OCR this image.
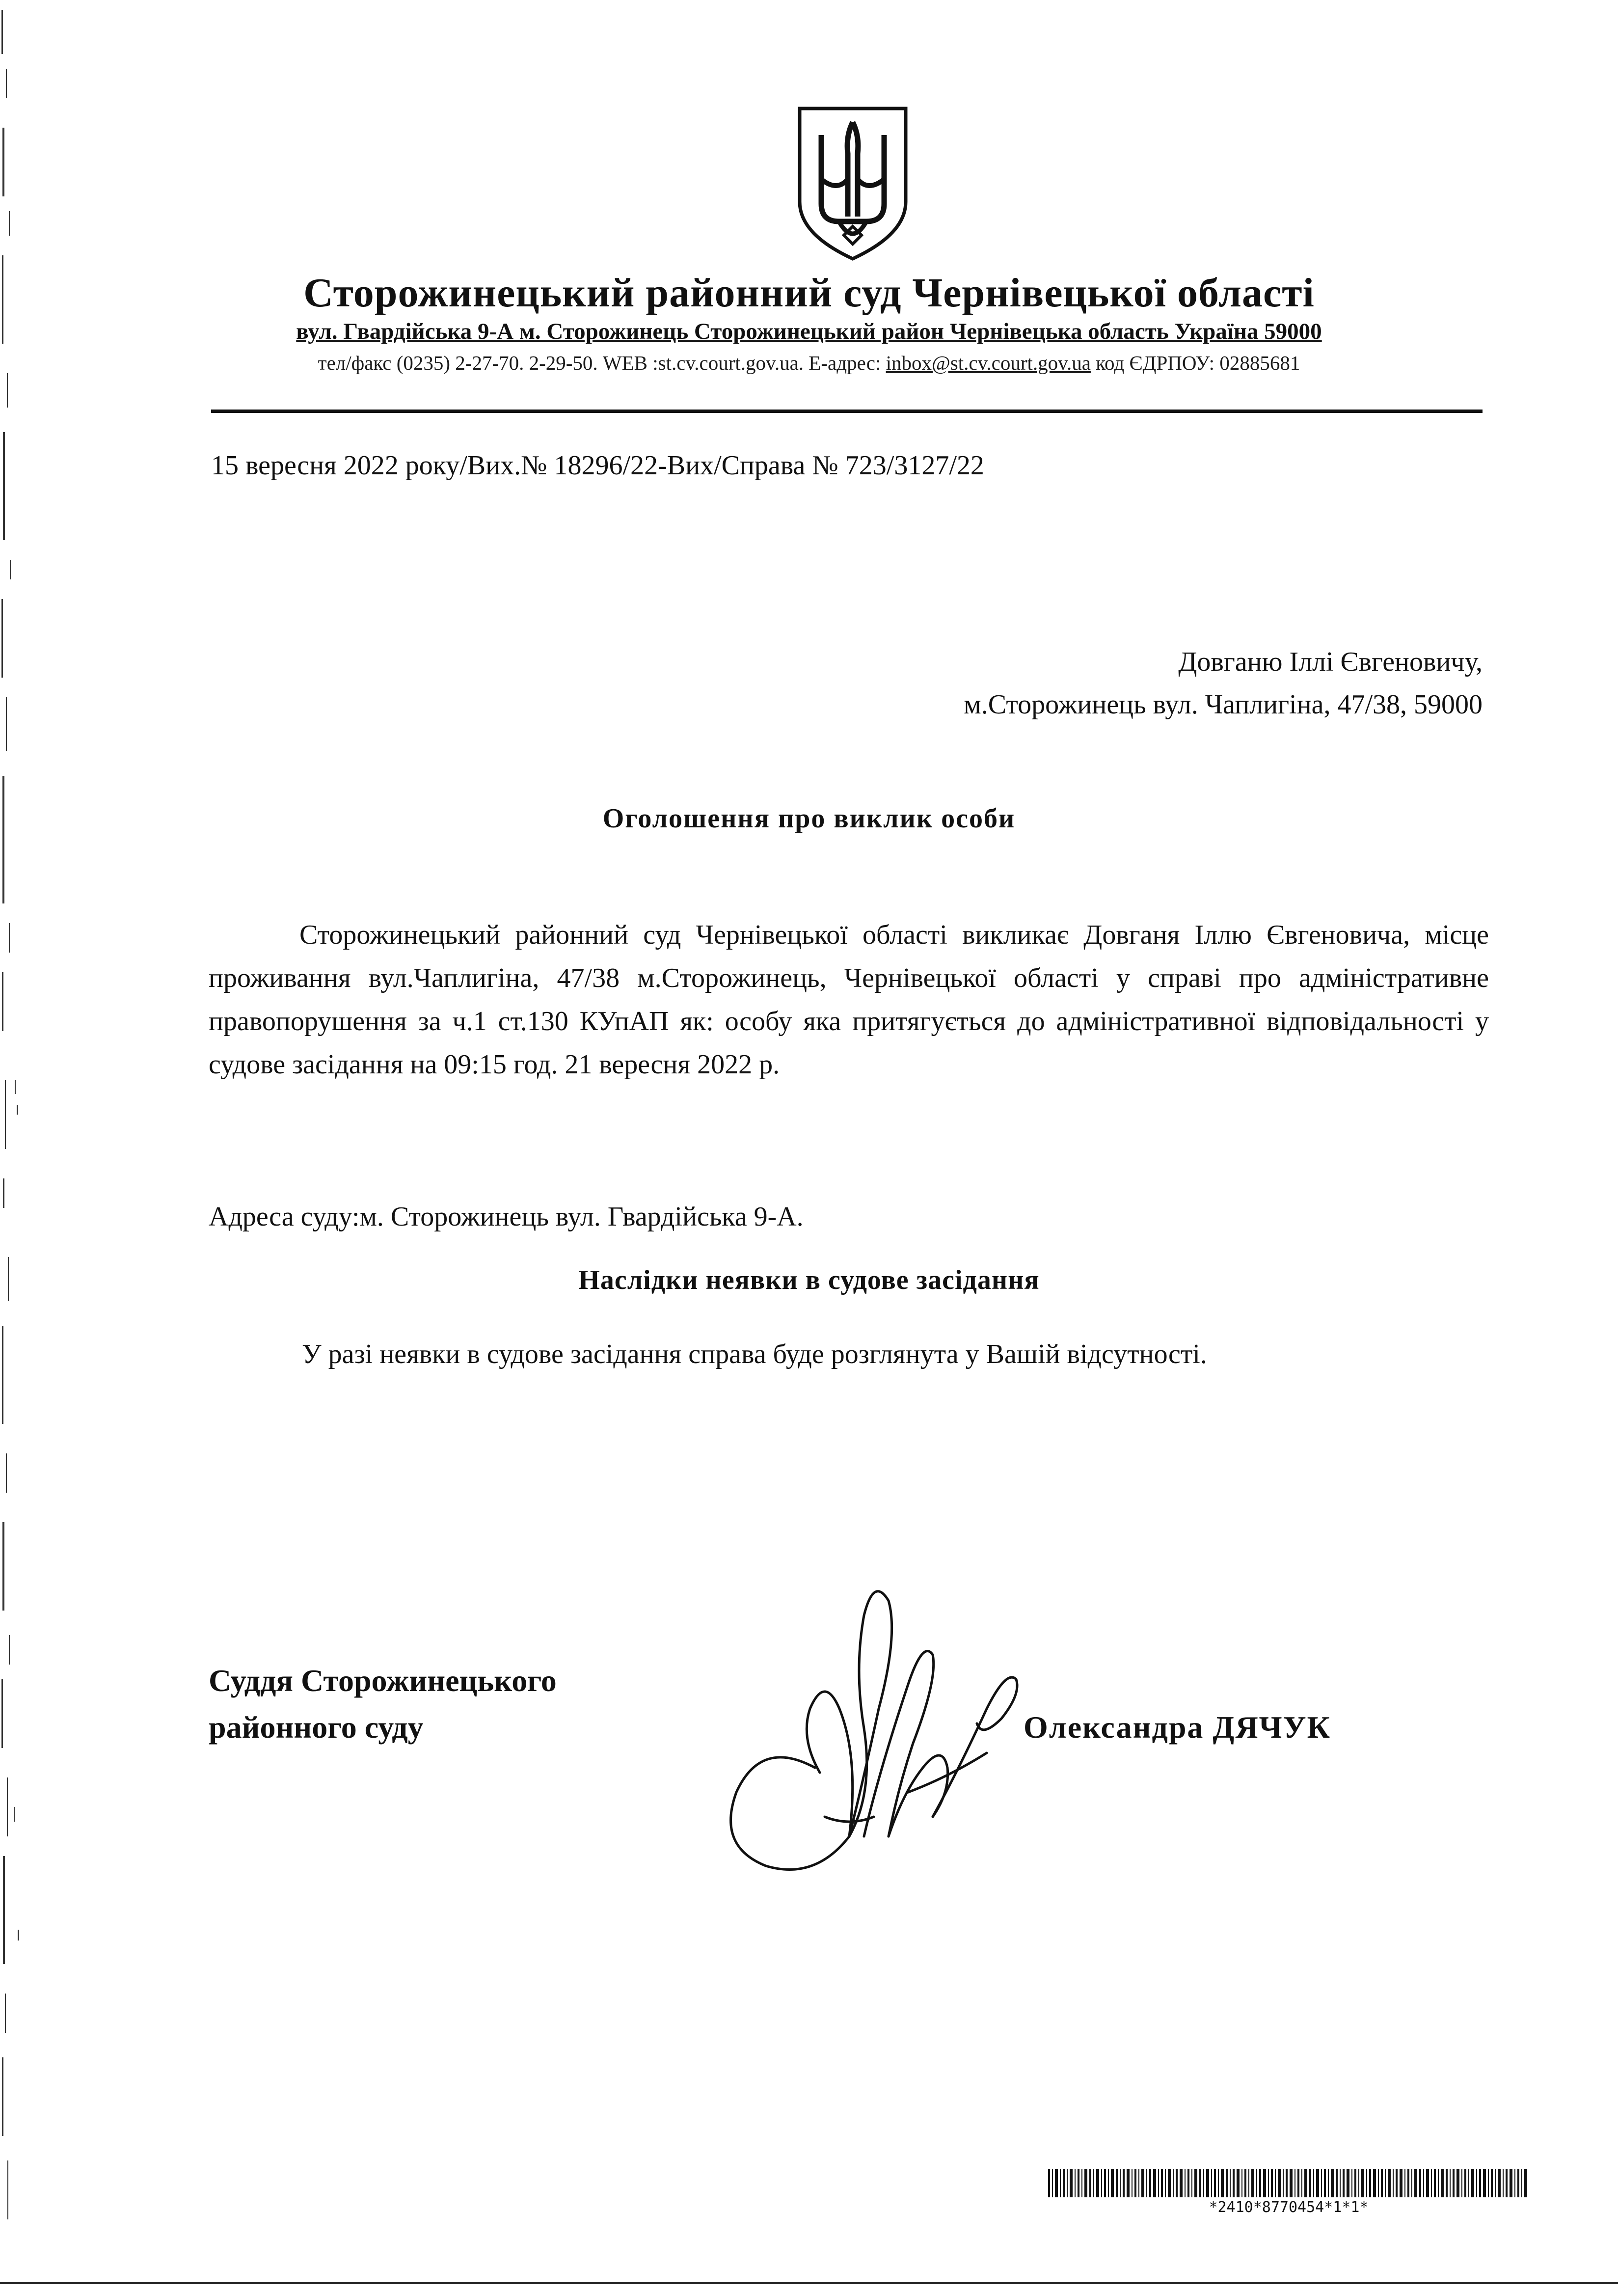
Сторожинецький районний суд Чернівецької області
вул. Гвардійська 9-А м. Сторожинець Сторожинецький район Чернівецька область Україна 59000
тел/факс (0235) 2-27-70. 2-29-50. WEB :st.cv.court.gov.ua. E-адрес: inbox@st.cv.court.gov.ua код ЄДРПОУ: 02885681
15 вересня 2022 року/Вих.№ 18296/22-Вих/Справа № 723/3127/22
Довганю Іллі Євгеновичу,
м.Сторожинець вул. Чаплигіна, 47/38, 59000
Оголошення про виклик особи
Сторожинецький районний суд Чернівецької області викликає Довганя Іллю Євгеновича, місце проживання вул.Чаплигіна, 47/38 м.Сторожинець, Чернівецької області у справі про адміністративне правопорушення за ч.1 ст.130 КУпАП як: особу яка притягується до адміністративної відповідальності у судове засідання на 09:15 год. 21 вересня 2022 р.
Адреса суду:м. Сторожинець вул. Гвардійська 9-А.
Наслідки неявки в судове засідання
У разі неявки в судове засідання справа буде розглянута у Вашій відсутності.
Суддя Сторожинецького
районного суду	Олександра ДЯЧУК
*2410*8770454*1*1*
